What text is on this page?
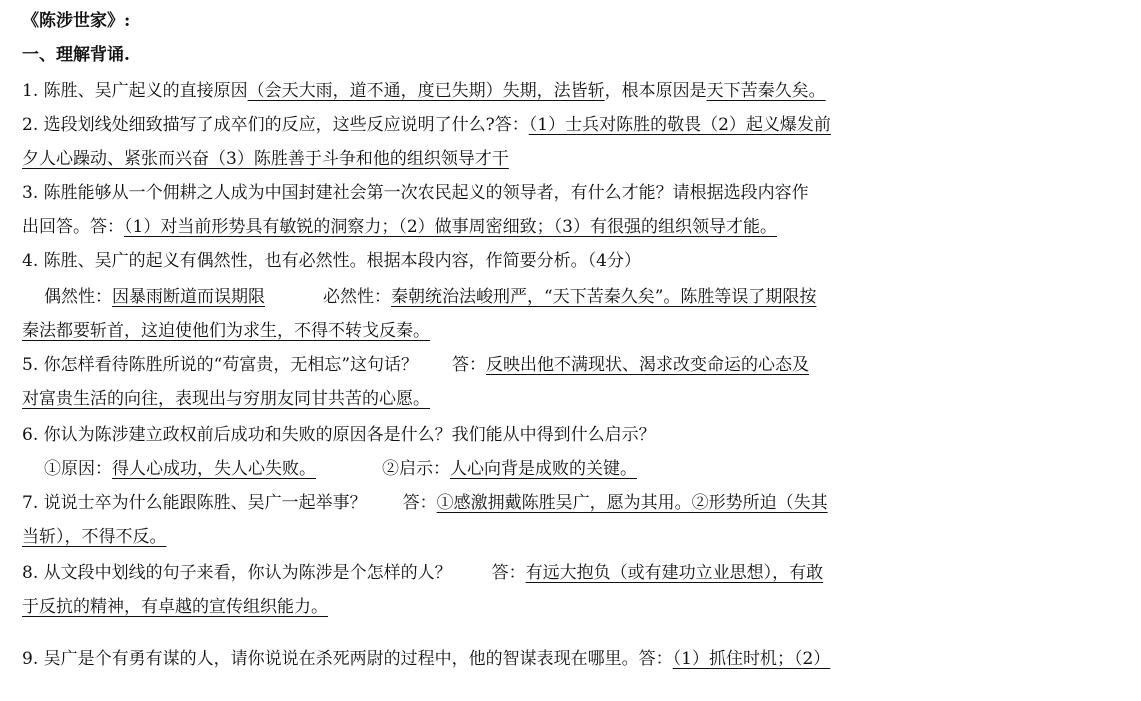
《陈涉世家》:
一、理解背诵.
1. 陈胜、吴广起义的直接原因（会天大雨，道不通，度已失期）失期，法皆斩，根本原因是天下苦秦久矣。
2. 选段划线处细致描写了成卒们的反应，这些反应说明了什么?答：（1）士兵对陈胜的敬畏（2）起义爆发前
夕人心躁动、紧张而兴奋（3）陈胜善于斗争和他的组织领导才干
3. 陈胜能够从一个佣耕之人成为中国封建社会第一次农民起义的领导者，有什么才能？请根据选段内容作
出回答。答：（1）对当前形势具有敏锐的洞察力；（2）做事周密细致；（3）有很强的组织领导才能。
4. 陈胜、吴广的起义有偶然性，也有必然性。根据本段内容，作简要分析。（4分）
偶然性：因暴雨断道而误期限	必然性：秦朝统治法峻刑严，“天下苦秦久矣”。陈胜等误了期限按
秦法都要斩首，这迫使他们为求生，不得不转戈反秦。
5. 你怎样看待陈胜所说的“苟富贵，无相忘”这句话？ 答：反映出他不满现状、渴求改变命运的心态及
对富贵生活的向往，表现出与穷朋友同甘共苦的心愿。
6. 你认为陈涉建立政权前后成功和失败的原因各是什么？我们能从中得到什么启示？
①原因：得人心成功，失人心失败。	②启示：人心向背是成败的关键。
7. 说说士卒为什么能跟陈胜、吴广一起举事？ 答：①感激拥戴陈胜吴广，愿为其用。②形势所迫（失其
当斩），不得不反。
8. 从文段中划线的句子来看，你认为陈涉是个怎样的人？ 答：有远大抱负（或有建功立业思想），有敢
于反抗的精神，有卓越的宣传组织能力。
9. 吴广是个有勇有谋的人，请你说说在杀死两尉的过程中，他的智谋表现在哪里。答：（1）抓住时机；（2）
